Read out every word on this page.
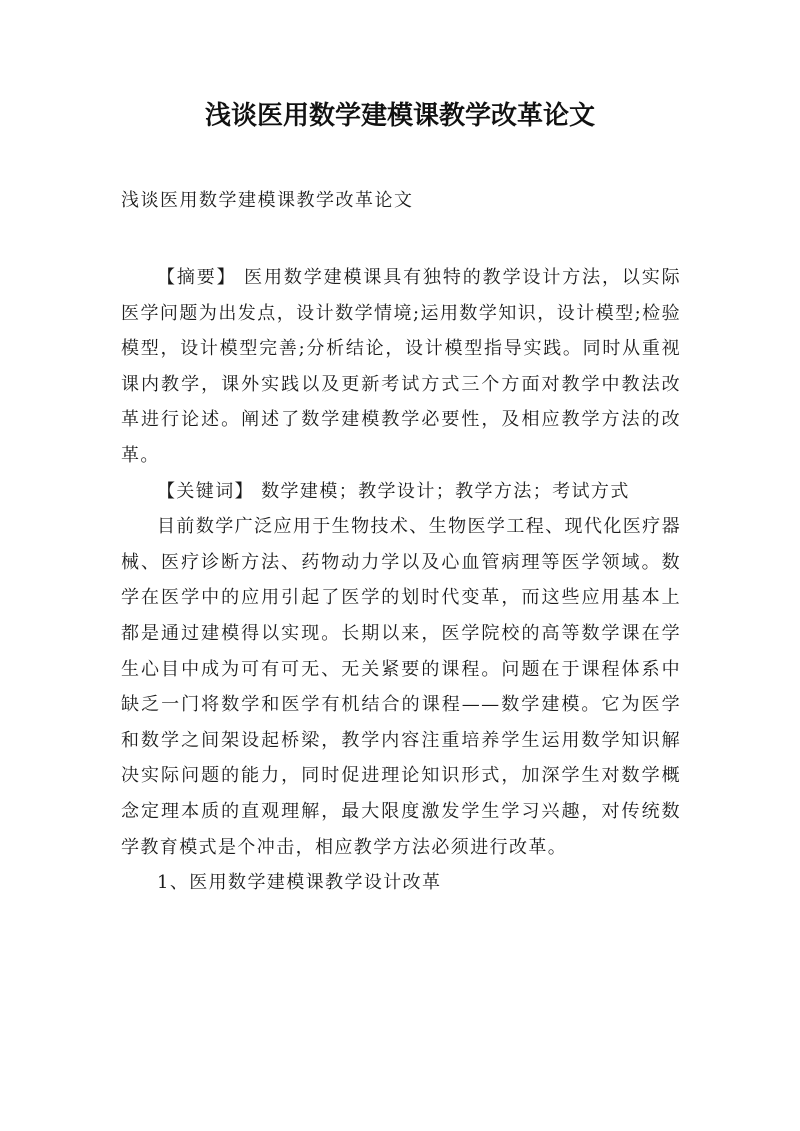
浅谈医用数学建模课教学改革论文
浅谈医用数学建模课教学改革论文

【摘要】 医用数学建模课具有独特的教学设计方法，以实际医学问题为出发点，设计数学情境;运用数学知识，设计模型;检验模型，设计模型完善;分析结论，设计模型指导实践。同时从重视课内教学，课外实践以及更新考试方式三个方面对教学中教法改革进行论述。阐述了数学建模教学必要性，及相应教学方法的改革。

【关键词】 数学建模；教学设计；教学方法；考试方式

目前数学广泛应用于生物技术、生物医学工程、现代化医疗器械、医疗诊断方法、药物动力学以及心血管病理等医学领域。数学在医学中的应用引起了医学的划时代变革，而这些应用基本上都是通过建模得以实现。长期以来，医学院校的高等数学课在学生心目中成为可有可无、无关紧要的课程。问题在于课程体系中缺乏一门将数学和医学有机结合的课程——数学建模。它为医学和数学之间架设起桥梁，教学内容注重培养学生运用数学知识解决实际问题的能力，同时促进理论知识形式，加深学生对数学概念定理本质的直观理解，最大限度激发学生学习兴趣，对传统数学教育模式是个冲击，相应教学方法必须进行改革。

1、医用数学建模课教学设计改革
